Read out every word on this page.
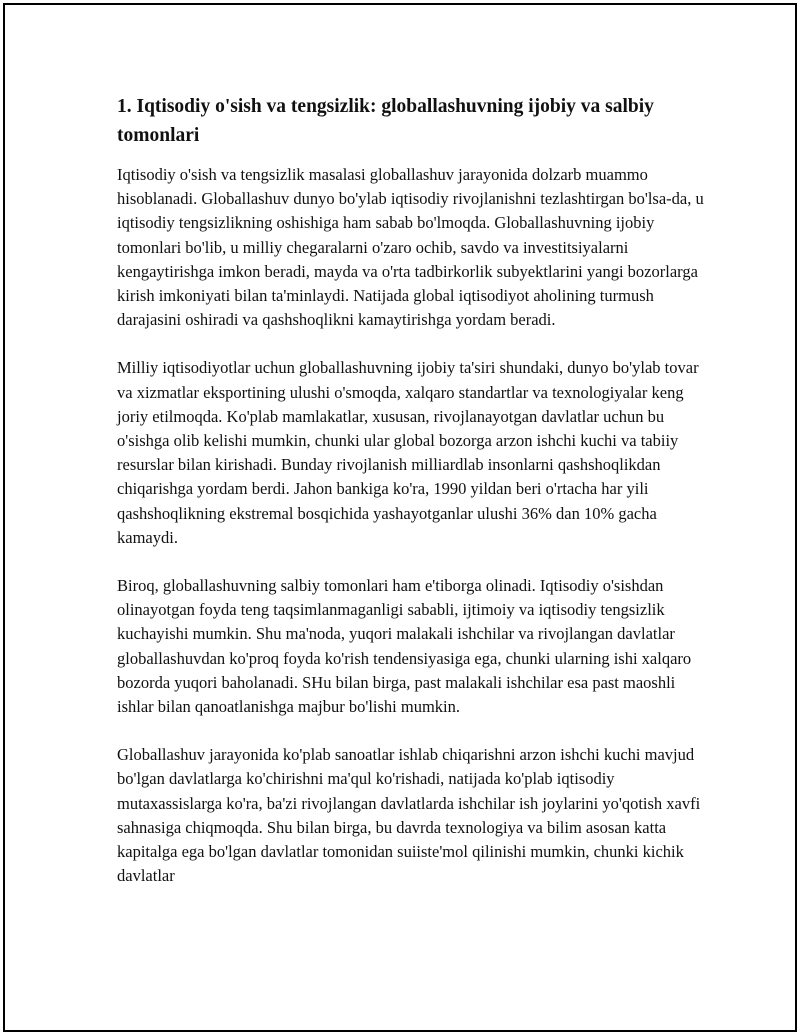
1. Iqtisodiy o'sish va tengsizlik: globallashuvning ijobiy va salbiy tomonlari

Iqtisodiy o'sish va tengsizlik masalasi globallashuv jarayonida dolzarb muammo hisoblanadi. Globallashuv dunyo bo'ylab iqtisodiy rivojlanishni tezlashtirgan bo'lsa-da, u iqtisodiy tengsizlikning oshishiga ham sabab bo'lmoqda. Globallashuvning ijobiy tomonlari bo'lib, u milliy chegaralarni o'zaro ochib, savdo va investitsiyalarni kengaytirishga imkon beradi, mayda va o'rta tadbirkorlik subyektlarini yangi bozorlarga kirish imkoniyati bilan ta'minlaydi. Natijada global iqtisodiyot aholining turmush darajasini oshiradi va qashshoqlikni kamaytirishga yordam beradi.

Milliy iqtisodiyotlar uchun globallashuvning ijobiy ta'siri shundaki, dunyo bo'ylab tovar va xizmatlar eksportining ulushi o'smoqda, xalqaro standartlar va texnologiyalar keng joriy etilmoqda. Ko'plab mamlakatlar, xususan, rivojlanayotgan davlatlar uchun bu o'sishga olib kelishi mumkin, chunki ular global bozorga arzon ishchi kuchi va tabiiy resurslar bilan kirishadi. Bunday rivojlanish milliardlab insonlarni qashshoqlikdan chiqarishga yordam berdi. Jahon bankiga ko'ra, 1990 yildan beri o'rtacha har yili qashshoqlikning ekstremal bosqichida yashayotganlar ulushi 36% dan 10% gacha kamaydi.

Biroq, globallashuvning salbiy tomonlari ham e'tiborga olinadi. Iqtisodiy o'sishdan olinayotgan foyda teng taqsimlanmaganligi sababli, ijtimoiy va iqtisodiy tengsizlik kuchayishi mumkin. Shu ma'noda, yuqori malakali ishchilar va rivojlangan davlatlar globallashuvdan ko'proq foyda ko'rish tendensiyasiga ega, chunki ularning ishi xalqaro bozorda yuqori baholanadi. SHu bilan birga, past malakali ishchilar esa past maoshli ishlar bilan qanoatlanishga majbur bo'lishi mumkin.

Globallashuv jarayonida ko'plab sanoatlar ishlab chiqarishni arzon ishchi kuchi mavjud bo'lgan davlatlarga ko'chirishni ma'qul ko'rishadi, natijada ko'plab iqtisodiy mutaxassislarga ko'ra, ba'zi rivojlangan davlatlarda ishchilar ish joylarini yo'qotish xavfi sahnasiga chiqmoqda. Shu bilan birga, bu davrda texnologiya va bilim asosan katta kapitalga ega bo'lgan davlatlar tomonidan suiiste'mol qilinishi mumkin, chunki kichik davlatlar
